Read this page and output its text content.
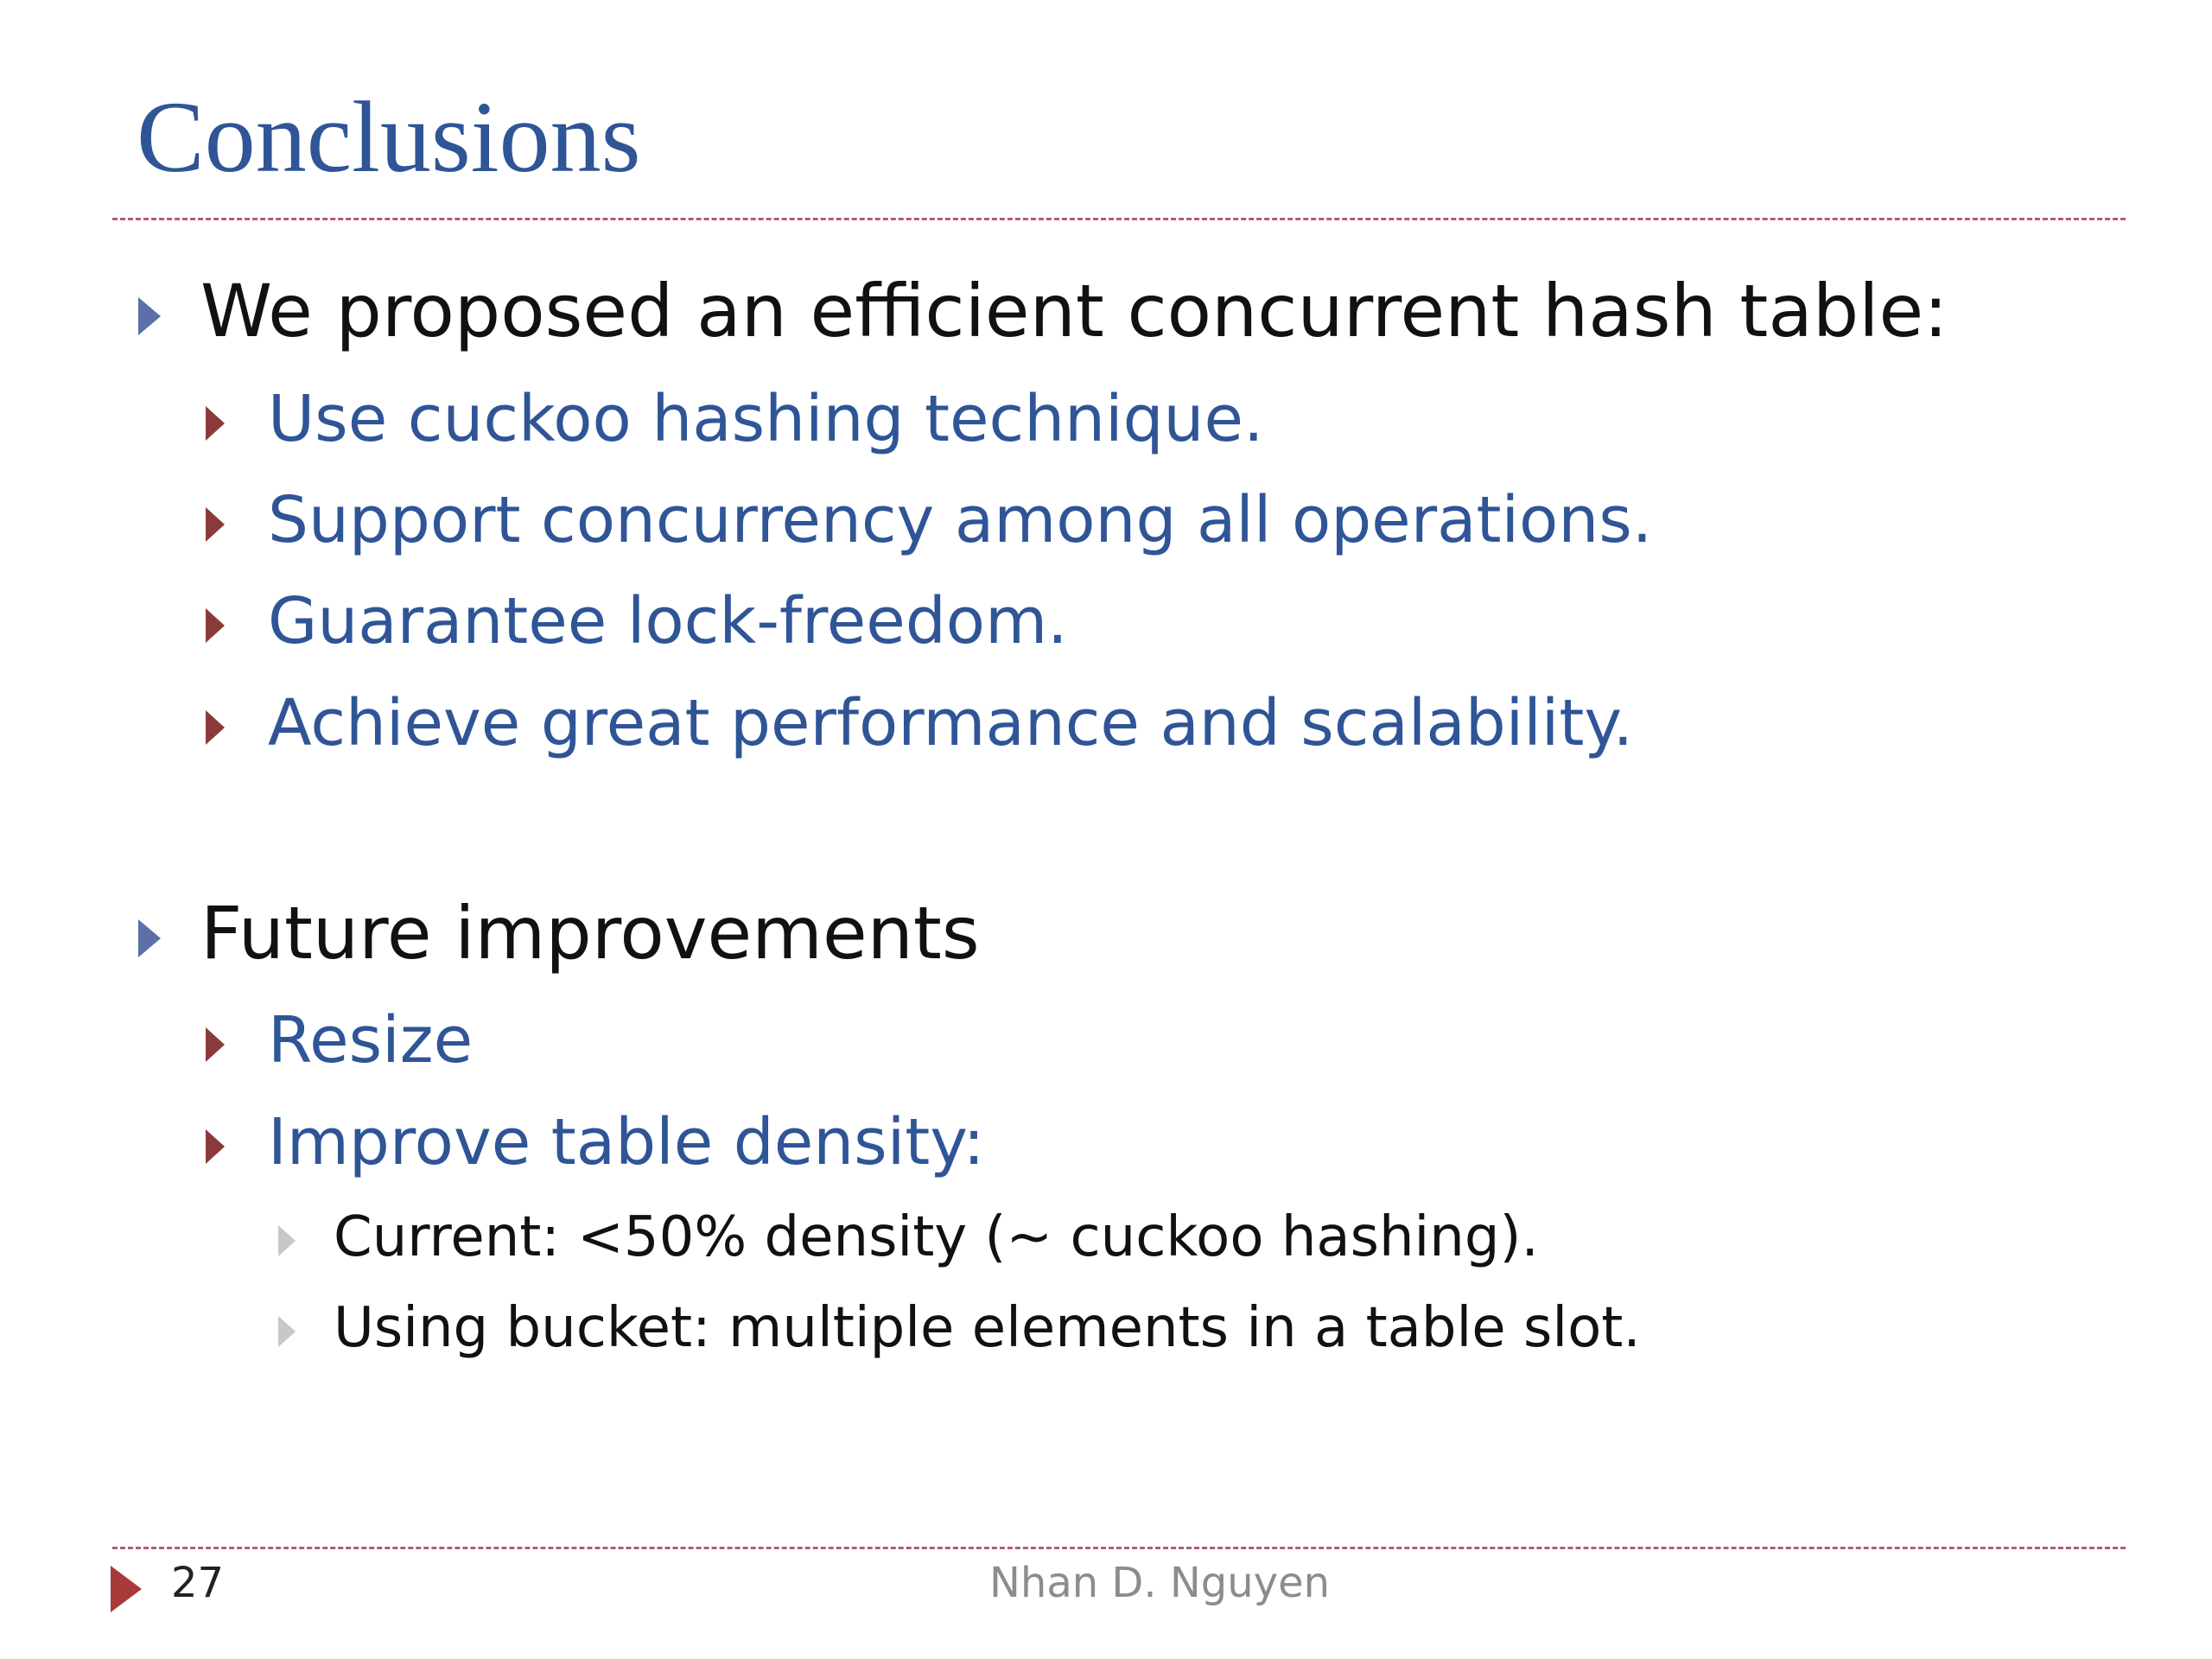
Conclusions
We proposed an efficient concurrent hash table:
Use cuckoo hashing technique.
Support concurrency among all operations.
Guarantee lock-freedom.
Achieve great performance and scalability.
Future improvements
Resize
Improve table density:
Current: <50% density (~ cuckoo hashing).
Using bucket: multiple elements in a table slot.
27	Nhan D. Nguyen
